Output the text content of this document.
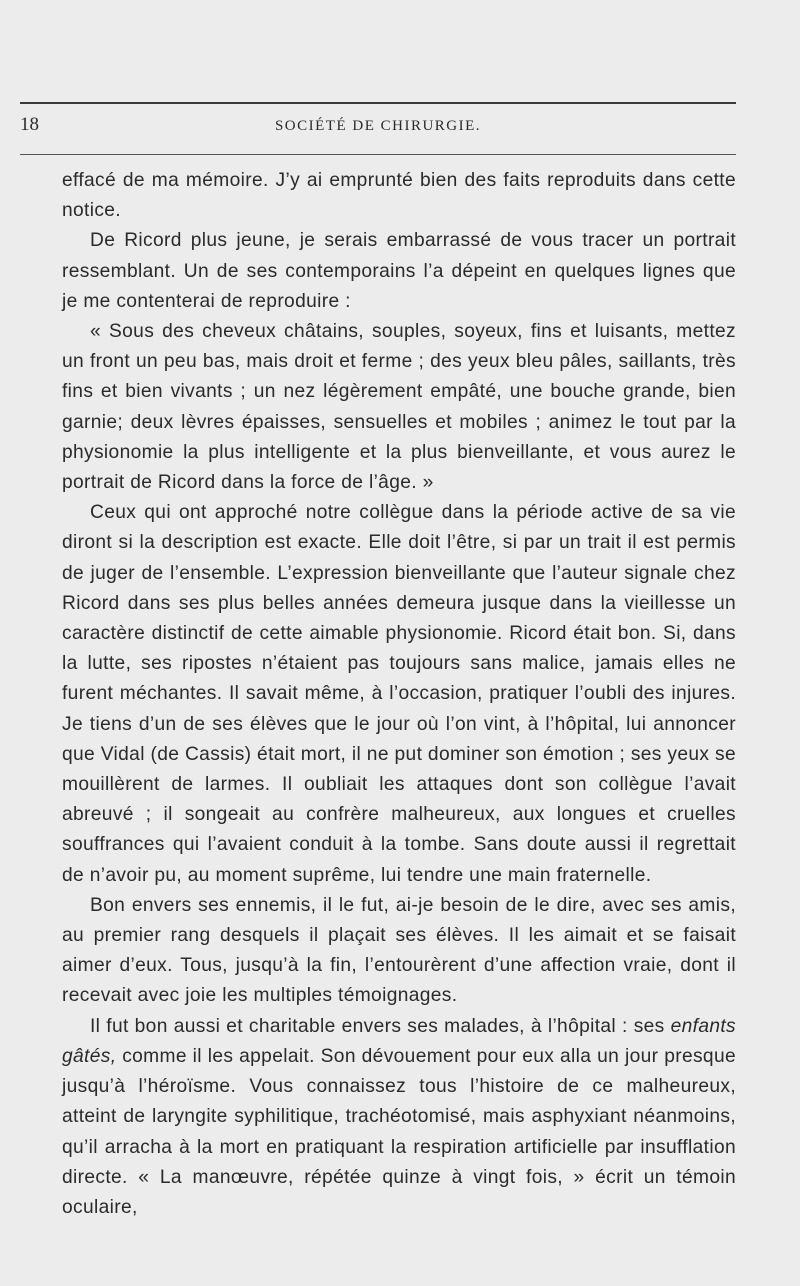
18	SOCIÉTÉ DE CHIRURGIE.

effacé de ma mémoire. J’y ai emprunté bien des faits reproduits dans cette notice.

De Ricord plus jeune, je serais embarrassé de vous tracer un portrait ressemblant. Un de ses contemporains l’a dépeint en quelques lignes que je me contenterai de reproduire :

« Sous des cheveux châtains, souples, soyeux, fins et luisants, mettez un front un peu bas, mais droit et ferme ; des yeux bleu pâles, saillants, très fins et bien vivants ; un nez légèrement empâté, une bouche grande, bien garnie; deux lèvres épaisses, sensuelles et mobiles ; animez le tout par la physionomie la plus intelligente et la plus bienveillante, et vous aurez le portrait de Ricord dans la force de l’âge. »

Ceux qui ont approché notre collègue dans la période active de sa vie diront si la description est exacte. Elle doit l’être, si par un trait il est permis de juger de l’ensemble. L’expression bienveillante que l’auteur signale chez Ricord dans ses plus belles années demeura jusque dans la vieillesse un caractère distinctif de cette aimable physionomie. Ricord était bon. Si, dans la lutte, ses ripostes n’étaient pas toujours sans malice, jamais elles ne furent méchantes. Il savait même, à l’occasion, pratiquer l’oubli des injures. Je tiens d’un de ses élèves que le jour où l’on vint, à l’hôpital, lui annoncer que Vidal (de Cassis) était mort, il ne put dominer son émotion ; ses yeux se mouillèrent de larmes. Il oubliait les attaques dont son collègue l’avait abreuvé ; il songeait au confrère malheureux, aux longues et cruelles souffrances qui l’avaient conduit à la tombe. Sans doute aussi il regrettait de n’avoir pu, au moment suprême, lui tendre une main fraternelle.

Bon envers ses ennemis, il le fut, ai-je besoin de le dire, avec ses amis, au premier rang desquels il plaçait ses élèves. Il les aimait et se faisait aimer d’eux. Tous, jusqu’à la fin, l’entourèrent d’une affection vraie, dont il recevait avec joie les multiples témoignages.

Il fut bon aussi et charitable envers ses malades, à l’hôpital : ses enfants gâtés, comme il les appelait. Son dévouement pour eux alla un jour presque jusqu’à l’héroïsme. Vous connaissez tous l’histoire de ce malheureux, atteint de laryngite syphilitique, trachéotomisé, mais asphyxiant néanmoins, qu’il arracha à la mort en pratiquant la respiration artificielle par insufflation directe. « La manœuvre, répétée quinze à vingt fois, » écrit un témoin oculaire,
